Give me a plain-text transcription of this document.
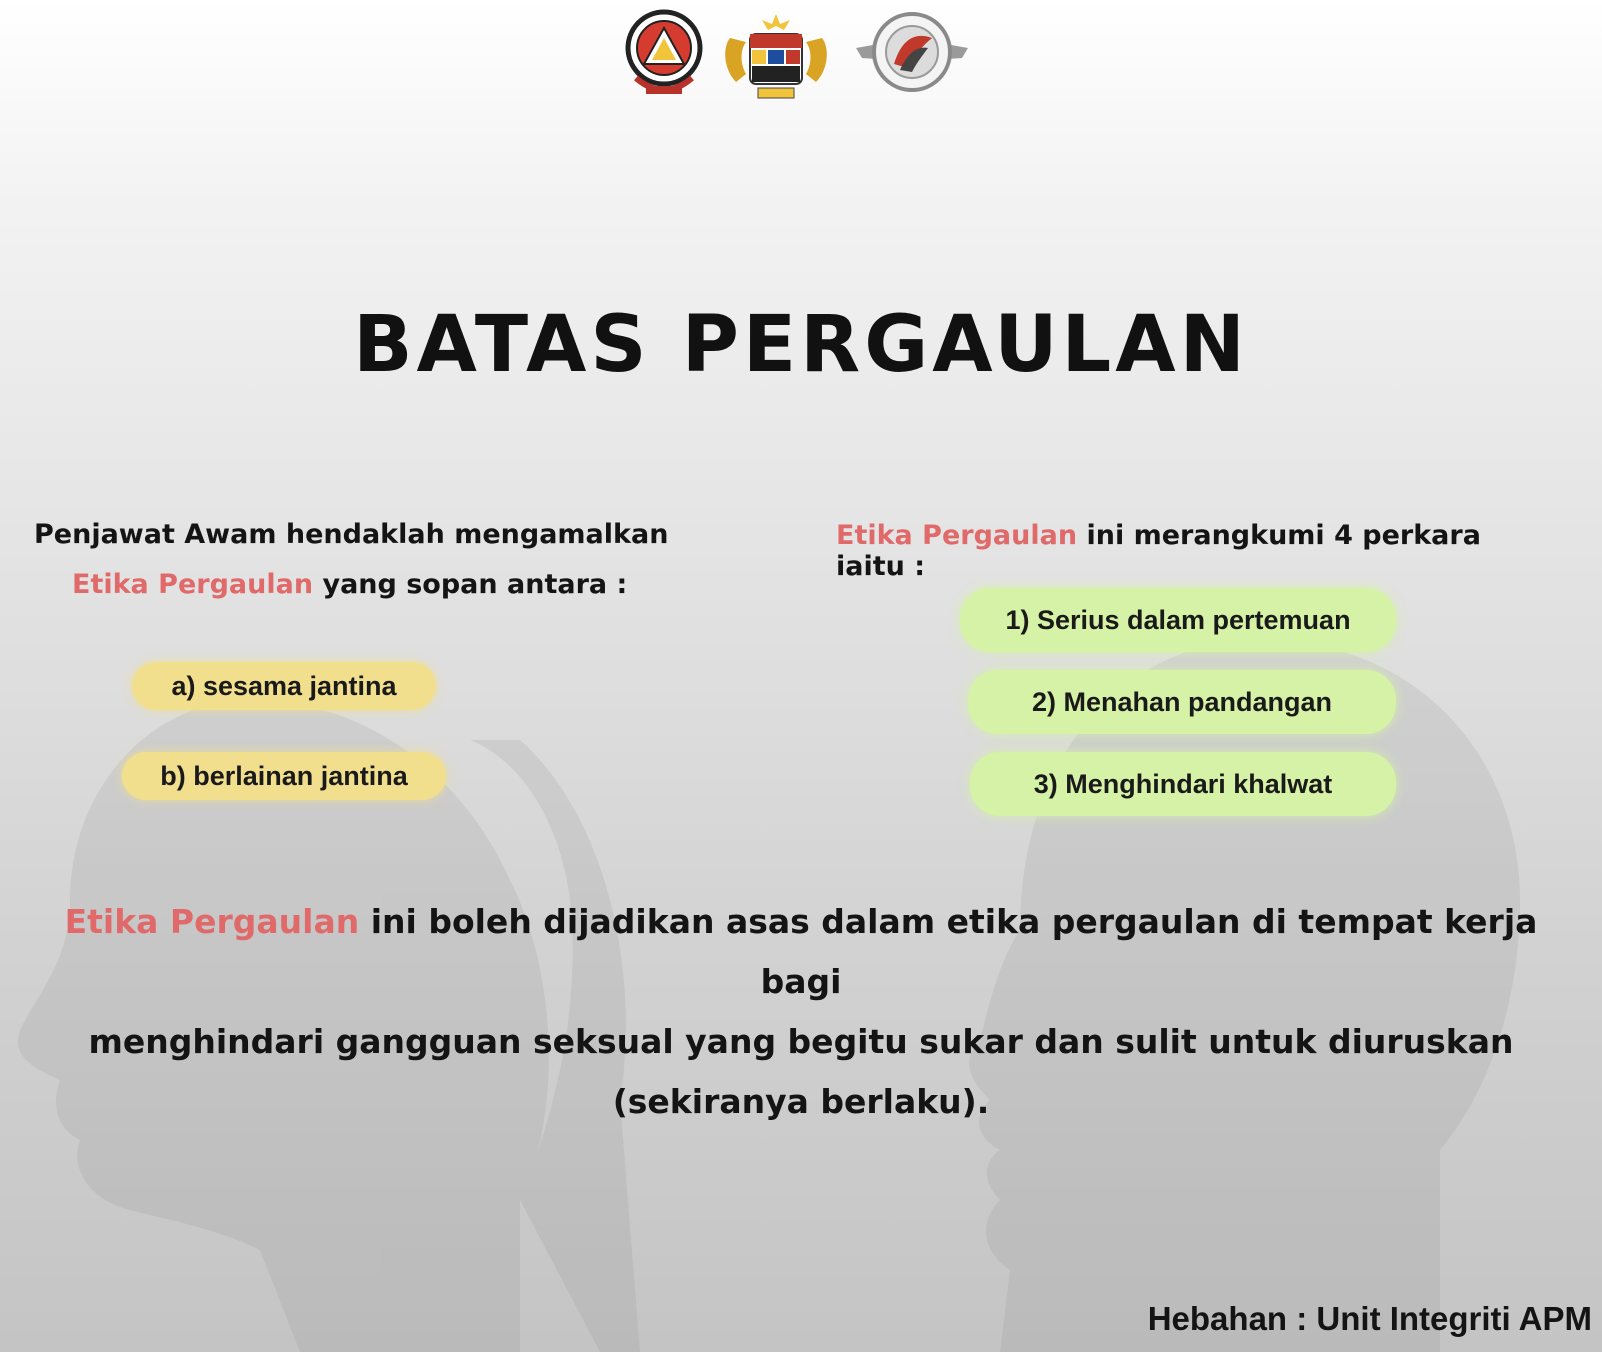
BATAS PERGAULAN
Penjawat Awam hendaklah mengamalkan
Etika Pergaulan yang sopan antara :
a) sesama jantina
b) berlainan jantina
Etika Pergaulan ini merangkumi 4 perkara iaitu :
1) Serius dalam pertemuan
2) Menahan pandangan
3) Menghindari khalwat
Etika Pergaulan ini boleh dijadikan asas dalam etika pergaulan di tempat kerja bagi
menghindari gangguan seksual yang begitu sukar dan sulit untuk diuruskan
(sekiranya berlaku).
Hebahan : Unit Integriti APM
